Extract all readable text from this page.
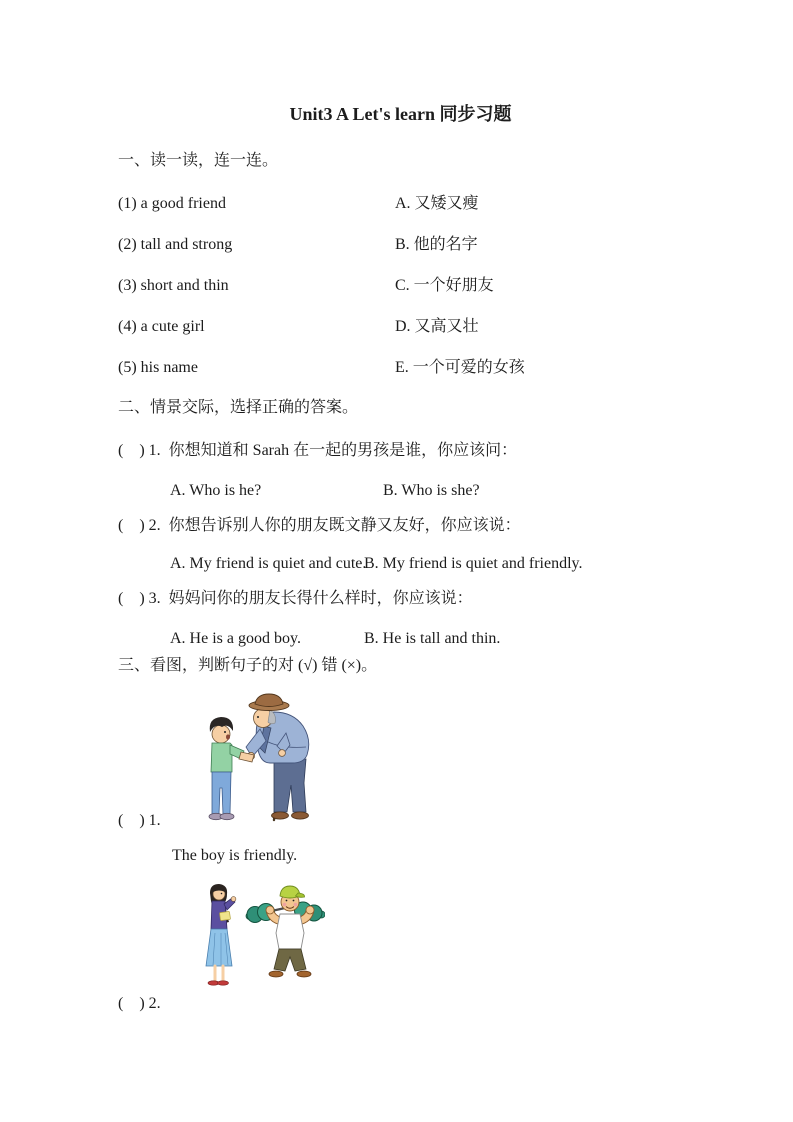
Unit3 A Let's learn 同步习题
一、读一读，连一连。
(1) a good friend	A. 又矮又瘦
(2) tall and strong	B. 他的名字
(3) short and thin	C. 一个好朋友
(4) a cute girl	D. 又高又壮
(5) his name	E. 一个可爱的女孩
二、情景交际，选择正确的答案。
(　) 1. 你想知道和 Sarah 在一起的男孩是谁，你应该问：
A. Who is he?	B. Who is she?
(　) 2. 你想告诉别人你的朋友既文静又友好，你应该说：
A. My friend is quiet and cute.B. My friend is quiet and friendly.
(　) 3. 妈妈问你的朋友长得什么样时，你应该说：
A. He is a good boy.	B. He is tall and thin.
三、看图，判断句子的对 (√) 错 (×)。
(　) 1.
The boy is friendly.
(　) 2.
